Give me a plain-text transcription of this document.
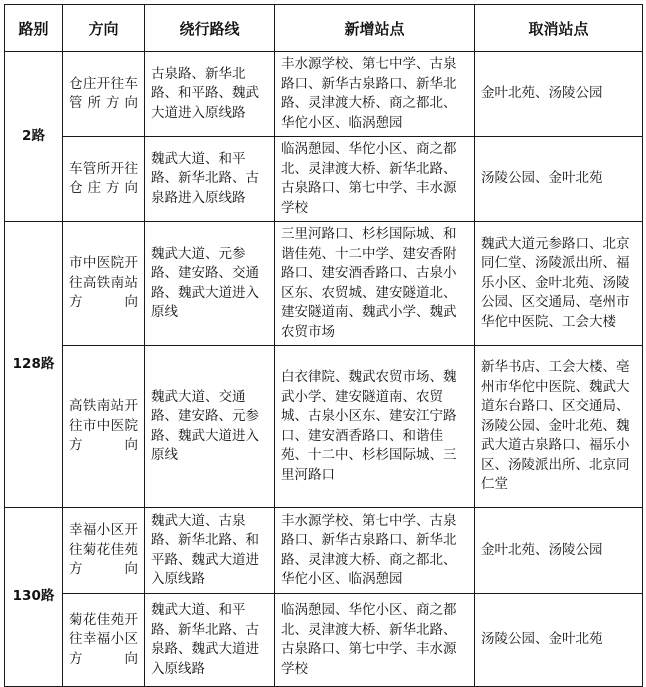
路别	方向	绕行路线	新增站点	取消站点
2路	仓庄开往车管所方向	古泉路、新华北路、和平路、魏武大道进入原线路	丰水源学校、第七中学、古泉路口、新华古泉路口、新华北路、灵津渡大桥、商之都北、华佗小区、临涡憩园	金叶北苑、汤陵公园
	车管所开往仓庄方向	魏武大道、和平路、新华北路、古泉路进入原线路	临涡憩园、华佗小区、商之都北、灵津渡大桥、新华北路、古泉路口、第七中学、丰水源学校	汤陵公园、金叶北苑
128路	市中医院开往高铁南站方向	魏武大道、元参路、建安路、交通路、魏武大道进入原线	三里河路口、杉杉国际城、和谐佳苑、十二中学、建安香附路口、建安酒香路口、古泉小区东、农贸城、建安隧道北、建安隧道南、魏武小学、魏武农贸市场	魏武大道元参路口、北京同仁堂、汤陵派出所、福乐小区、金叶北苑、汤陵公园、区交通局、亳州市华佗中医院、工会大楼
	高铁南站开往市中医院方向	魏武大道、交通路、建安路、元参路、魏武大道进入原线	白衣律院、魏武农贸市场、魏武小学、建安隧道南、农贸城、古泉小区东、建安江宁路口、建安酒香路口、和谐佳苑、十二中、杉杉国际城、三里河路口	新华书店、工会大楼、亳州市华佗中医院、魏武大道东台路口、区交通局、汤陵公园、金叶北苑、魏武大道古泉路口、福乐小区、汤陵派出所、北京同仁堂
130路	幸福小区开往菊花佳苑方向	魏武大道、古泉路、新华北路、和平路、魏武大道进入原线路	丰水源学校、第七中学、古泉路口、新华古泉路口、新华北路、灵津渡大桥、商之都北、华佗小区、临涡憩园	金叶北苑、汤陵公园
	菊花佳苑开往幸福小区方向	魏武大道、和平路、新华北路、古泉路、魏武大道进入原线路	临涡憩园、华佗小区、商之都北、灵津渡大桥、新华北路、古泉路口、第七中学、丰水源学校	汤陵公园、金叶北苑
